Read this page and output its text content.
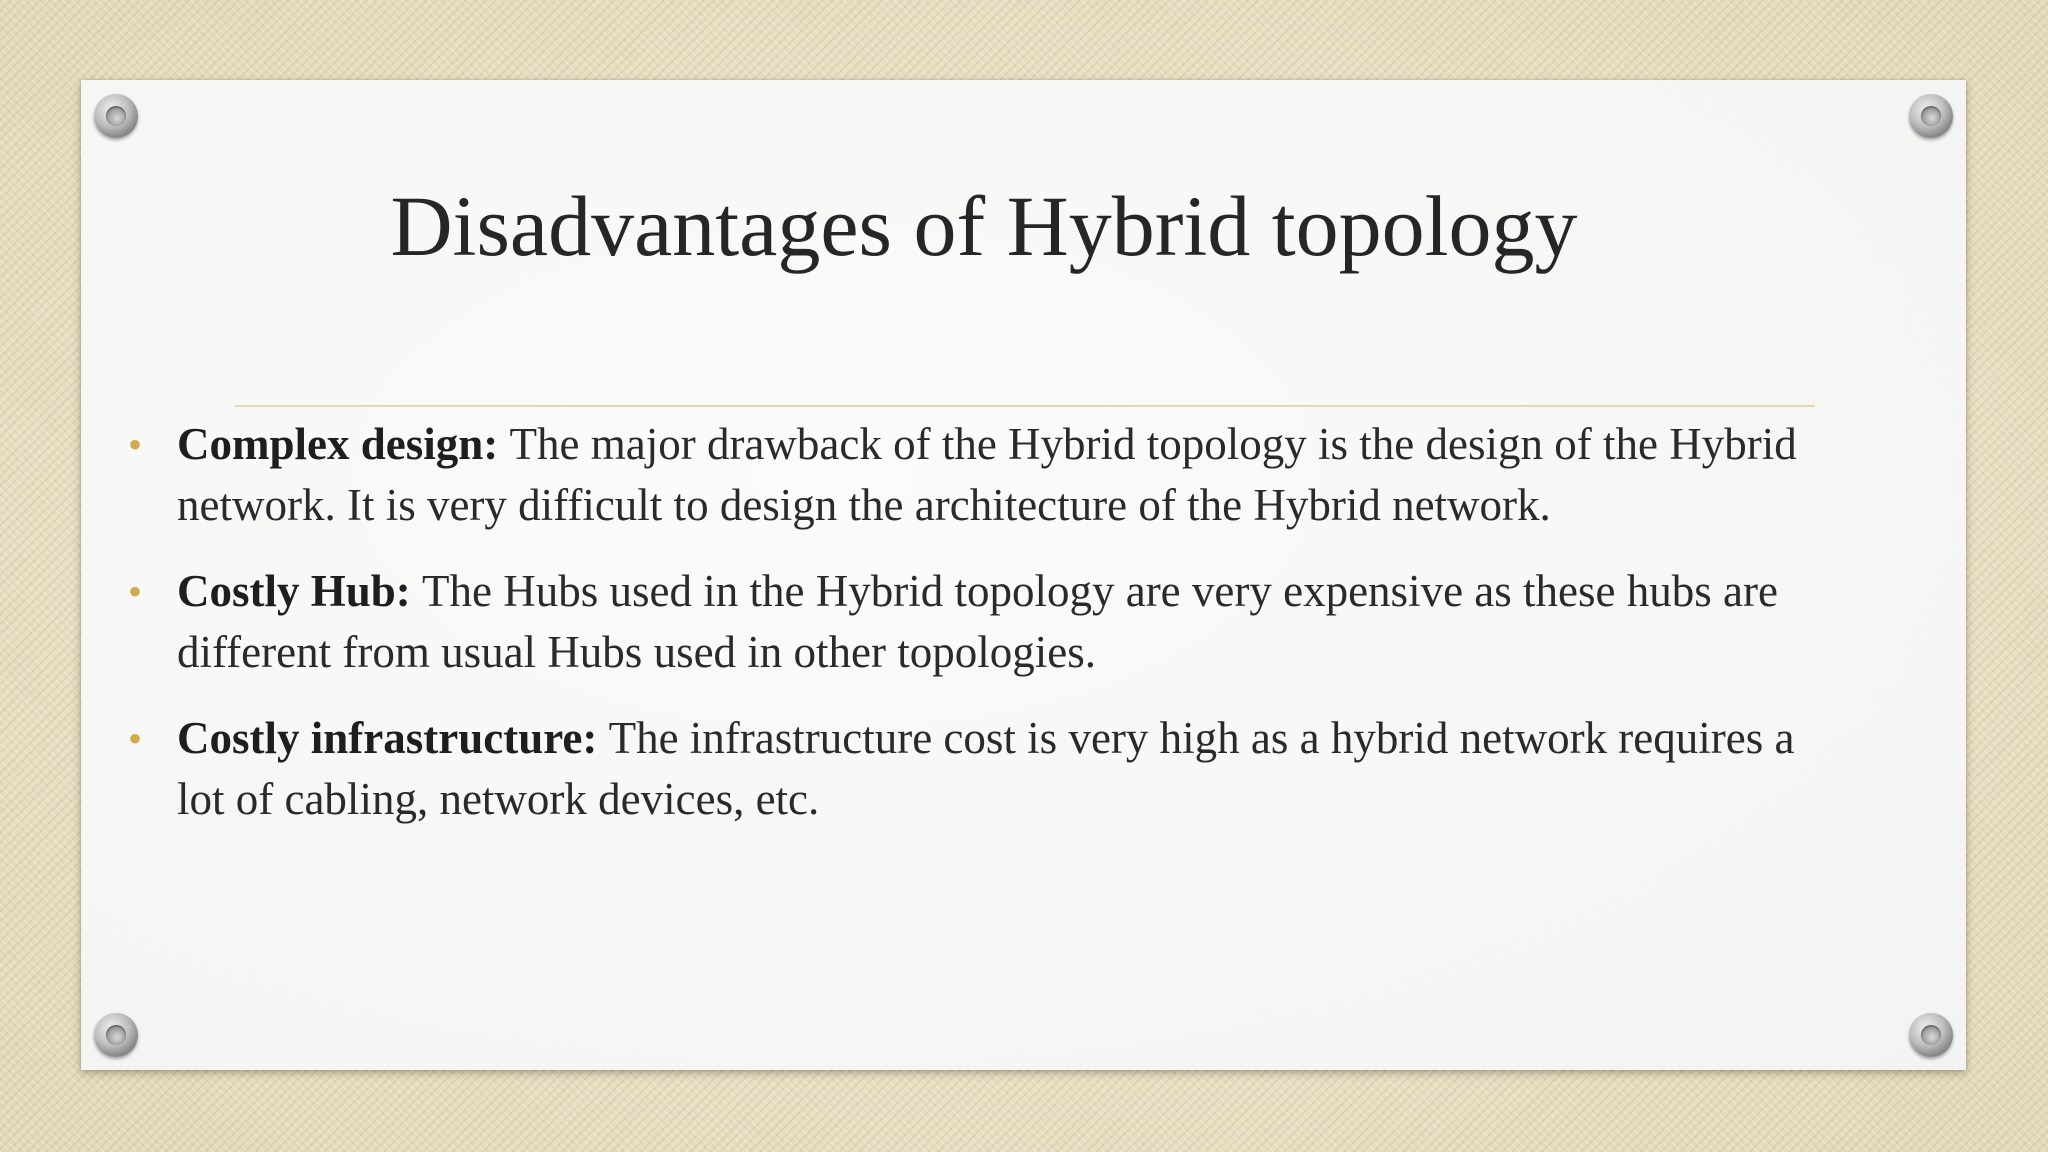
Disadvantages of Hybrid topology
• Complex design: The major drawback of the Hybrid topology is the design of the Hybrid network. It is very difficult to design the architecture of the Hybrid network.
• Costly Hub: The Hubs used in the Hybrid topology are very expensive as these hubs are different from usual Hubs used in other topologies.
• Costly infrastructure: The infrastructure cost is very high as a hybrid network requires a lot of cabling, network devices, etc.
